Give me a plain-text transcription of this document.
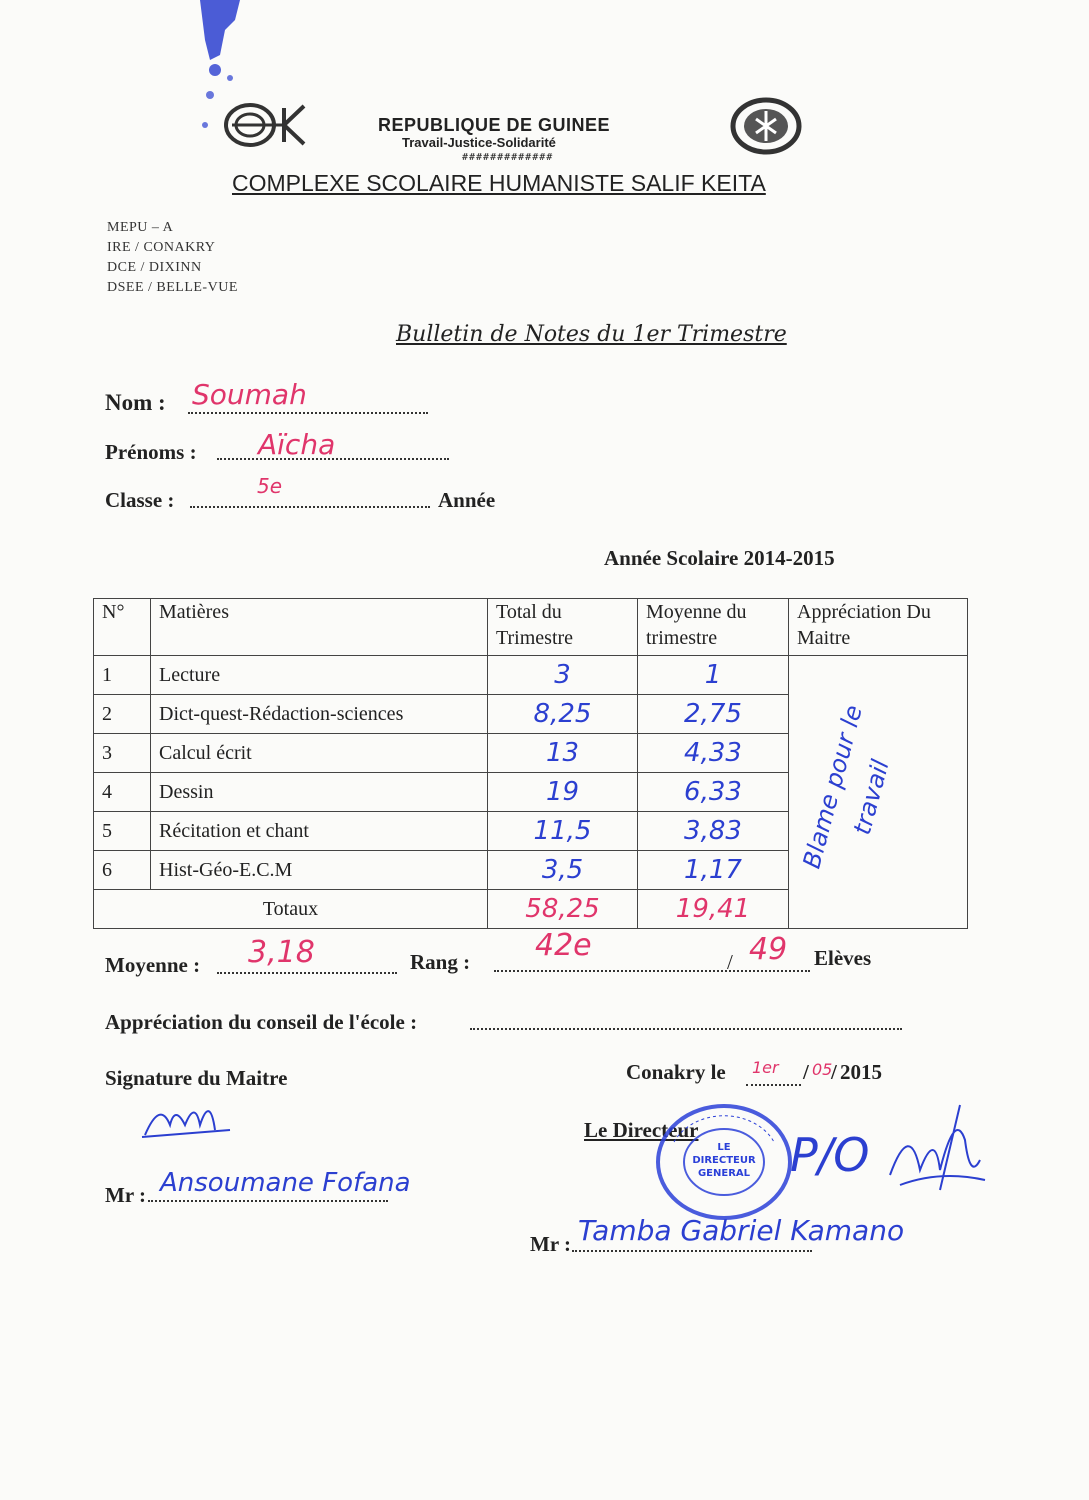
REPUBLIQUE DE GUINEE
Travail-Justice-Solidarité
#############
COMPLEXE SCOLAIRE HUMANISTE SALIF KEITA
MEPU – A
IRE / CONAKRY
DCE / DIXINN
DSEE / BELLE-VUE
Bulletin de Notes du 1er Trimestre
Nom : Soumah
Prénoms : Aïcha
Classe :
5e
Année
Année Scolaire 2014-2015
N°	Matières	Total du Trimestre	Moyenne du trimestre	Appréciation Du Maitre
1	Lecture	3	1	Blame pour le travail

2	Dict-quest-Rédaction-sciences	8,25	2,75	
3	Calcul écrit	13	4,33	
4	Dessin	19	6,33	
5	Récitation et chant	11,5	3,83	
6	Hist-Géo-E.C.M	3,5	1,17	
Totaux		58,25	19,41	
Moyenne : 3,18	Rang : 42e	/ 49 Elèves
Appréciation du conseil de l'école :
Signature du Maitre
Mr : Ansoumane Fofana
Conakry le 1er / 05
/ 2015
Le Directeur
LE
DIRECTEUR
GENERAL P/O
Mr : Tamba Gabriel Kamano
